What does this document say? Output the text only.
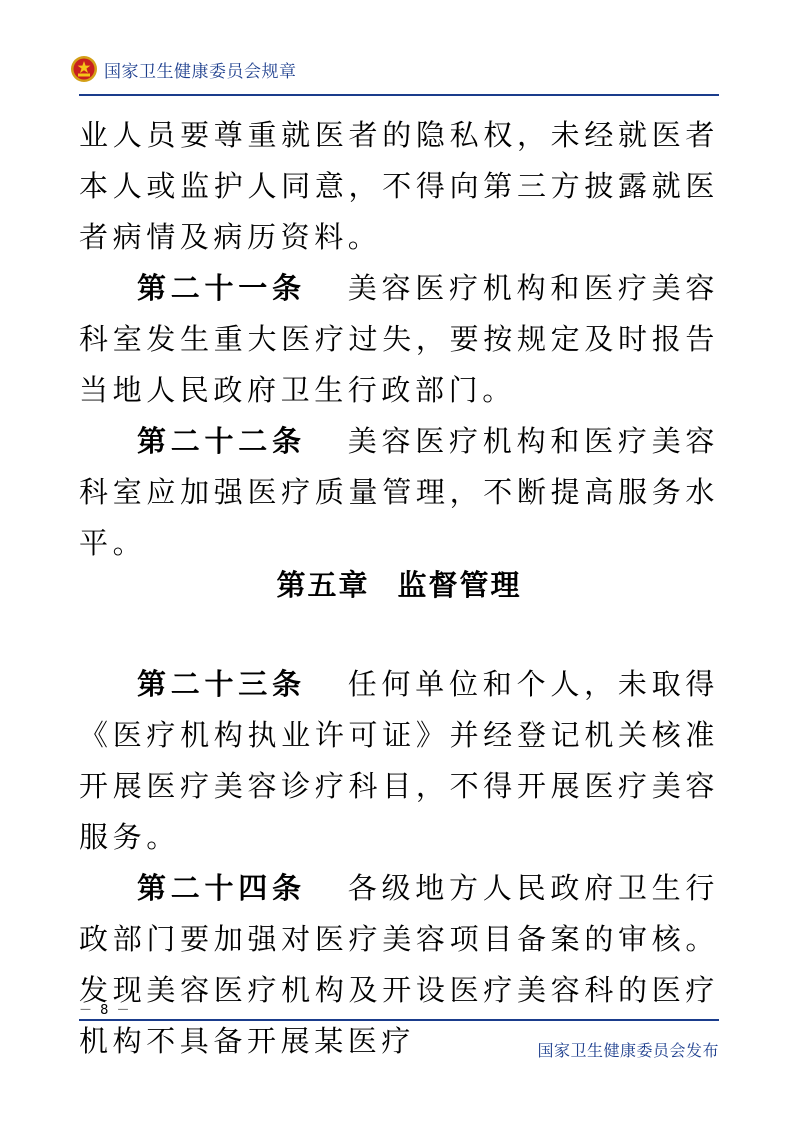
国家卫生健康委员会规章

业人员要尊重就医者的隐私权，未经就医者本人或监护人同意，不得向第三方披露就医者病情及病历资料。

第二十一条 美容医疗机构和医疗美容科室发生重大医疗过失，要按规定及时报告当地人民政府卫生行政部门。

第二十二条 美容医疗机构和医疗美容科室应加强医疗质量管理，不断提高服务水平。

第五章 监督管理

第二十三条 任何单位和个人，未取得《医疗机构执业许可证》并经登记机关核准开展医疗美容诊疗科目，不得开展医疗美容服务。

第二十四条 各级地方人民政府卫生行政部门要加强对医疗美容项目备案的审核。发现美容医疗机构及开设医疗美容科的医疗机构不具备开展某医疗

－ 8 －
国家卫生健康委员会发布
